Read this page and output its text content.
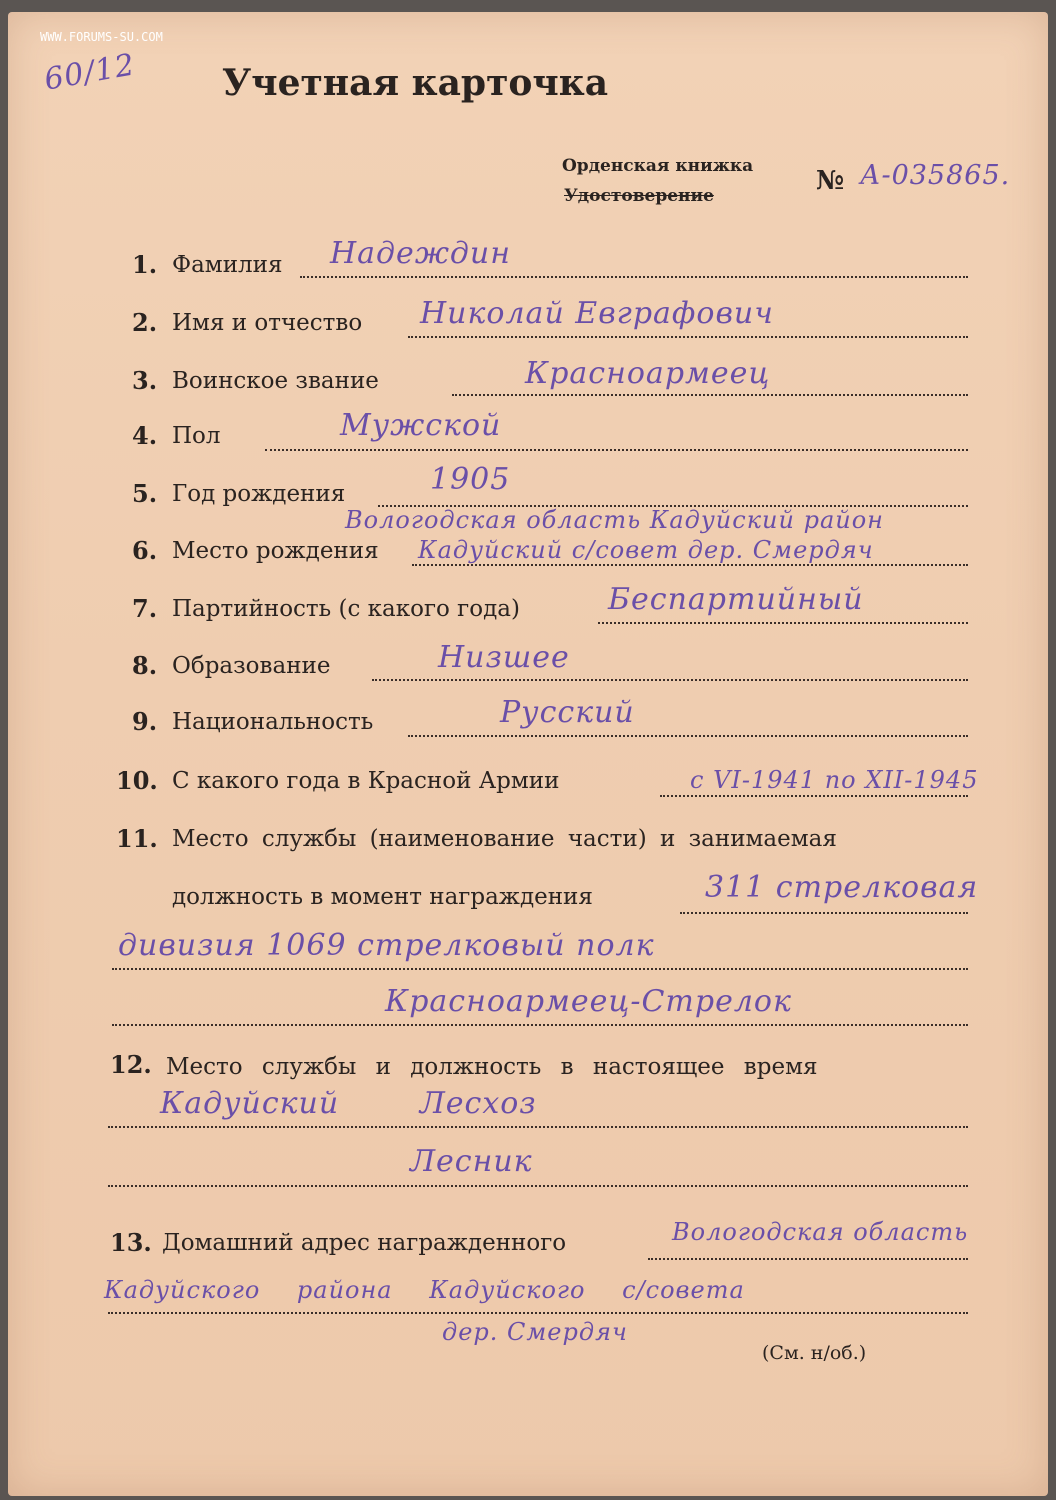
WWW.FORUMS-SU.COM
60/12 Учетная карточка
Орденская книжка
Удостоверение	№ А-035865.
1. Фамилия Надеждин
2. Имя и отчество Николай Евграфович
3. Воинское звание	Красноармеец
4. Пол	Мужской
5. Год рождения	1905
Вологодская область Кадуйский район
6. Место рождения Кадуйский с/совет дер. Смердяч
7. Партийность (с какого года)	Беспартийный
8. Образование	Низшее
9. Национальность	Русский
10. С какого года в Красной Армии	с VI-1941 по XII-1945
11. Место службы (наименование части) и занимаемая
должность в момент награждения	311 стрелковая
дивизия 1069 стрелковый полк
Красноармеец-Стрелок
12. Место службы и должность в настоящее время
Кадуйский Лесхоз
Лесник
13. Домашний адрес награжденного	Вологодская область
Кадуйского района Кадуйского с/совета
дер. Смердяч
(См. н/об.)
